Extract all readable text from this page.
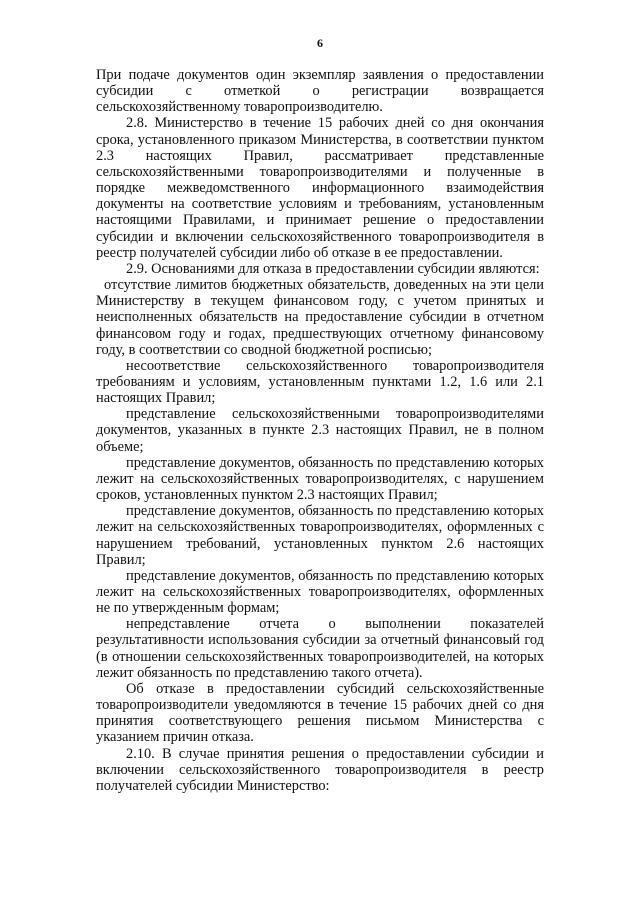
6

При подаче документов один экземпляр заявления о предоставлении субсидии с отметкой о регистрации возвращается сельскохозяйственному товаропроизводителю.

2.8. Министерство в течение 15 рабочих дней со дня окончания срока, установленного приказом Министерства, в соответствии пунктом 2.3 настоящих Правил, рассматривает представленные сельскохозяйственными товаропроизводителями и полученные в порядке межведомственного информационного взаимодействия документы на соответствие условиям и требованиям, установленным настоящими Правилами, и принимает решение о предоставлении субсидии и включении сельскохозяйственного товаропроизводителя в реестр получателей субсидии либо об отказе в ее предоставлении.

2.9. Основаниями для отказа в предоставлении субсидии являются:

отсутствие лимитов бюджетных обязательств, доведенных на эти цели Министерству в текущем финансовом году, с учетом принятых и неисполненных обязательств на предоставление субсидии в отчетном финансовом году и годах, предшествующих отчетному финансовому году, в соответствии со сводной бюджетной росписью;

несоответствие сельскохозяйственного товаропроизводителя требованиям и условиям, установленным пунктами 1.2, 1.6 или 2.1 настоящих Правил;

представление сельскохозяйственными товаропроизводителями документов, указанных в пункте 2.3 настоящих Правил, не в полном объеме;

представление документов, обязанность по представлению которых лежит на сельскохозяйственных товаропроизводителях, с нарушением сроков, установленных пунктом 2.3 настоящих Правил;

представление документов, обязанность по представлению которых лежит на сельскохозяйственных товаропроизводителях, оформленных с нарушением требований, установленных пунктом 2.6 настоящих Правил;

представление документов, обязанность по представлению которых лежит на сельскохозяйственных товаропроизводителях, оформленных не по утвержденным формам;

непредставление отчета о выполнении показателей результативности использования субсидии за отчетный финансовый год (в отношении сельскохозяйственных товаропроизводителей, на которых лежит обязанность по представлению такого отчета).

Об отказе в предоставлении субсидий сельскохозяйственные товаропроизводители уведомляются в течение 15 рабочих дней со дня принятия соответствующего решения письмом Министерства с указанием причин отказа.

2.10. В случае принятия решения о предоставлении субсидии и включении сельскохозяйственного товаропроизводителя в реестр получателей субсидии Министерство:
